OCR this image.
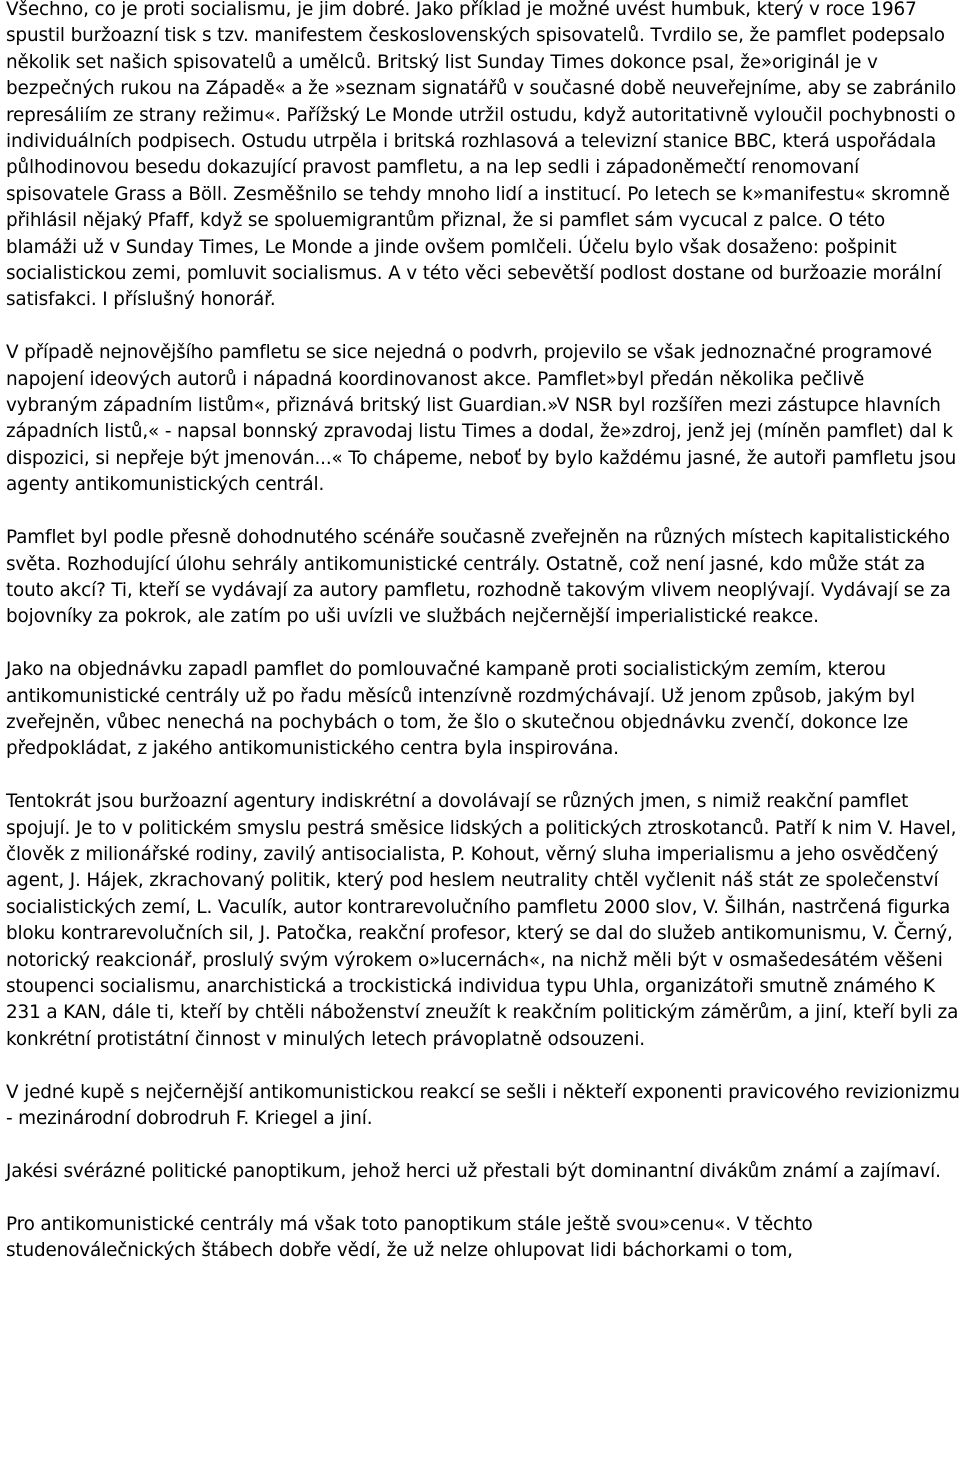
Všechno, co je proti socialismu, je jim dobré. Jako příklad je možné uvést humbuk, který v roce 1967 spustil buržoazní tisk s tzv. manifestem československých spisovatelů. Tvrdilo se, že pamflet podepsalo několik set našich spisovatelů a umělců. Britský list Sunday Times dokonce psal, že»originál je v bezpečných rukou na Západě« a že »seznam signatářů v současné době neuveřejníme, aby se zabránilo represáliím ze strany režimu«. Pařížský Le Monde utržil ostudu, když autoritativně vyloučil pochybnosti o individuálních podpisech. Ostudu utrpěla i britská rozhlasová a televizní stanice BBC, která uspořádala půlhodinovou besedu dokazující pravost pamfletu, a na lep sedli i západoněmečtí renomovaní spisovatele Grass a Böll. Zesměšnilo se tehdy mnoho lidí a institucí. Po letech se k»manifestu« skromně přihlásil nějaký Pfaff, když se spoluemigrantům přiznal, že si pamflet sám vycucal z palce. O této blamáži už v Sunday Times, Le Monde a jinde ovšem pomlčeli. Účelu bylo však dosaženo: pošpinit socialistickou zemi, pomluvit socialismus. A v této věci sebevětší podlost dostane od buržoazie morální satisfakci. I příslušný honorář.

V případě nejnovějšího pamfletu se sice nejedná o podvrh, projevilo se však jednoznačné programové napojení ideových autorů i nápadná koordinovanost akce. Pamflet»byl předán několika pečlivě vybraným západním listům«, přiznává britský list Guardian.»V NSR byl rozšířen mezi zástupce hlavních západních listů,« - napsal bonnský zpravodaj listu Times a dodal, že»zdroj, jenž jej (míněn pamflet) dal k dispozici, si nepřeje být jmenován...« To chápeme, neboť by bylo každému jasné, že autoři pamfletu jsou agenty antikomunistických centrál.

Pamflet byl podle přesně dohodnutého scénáře současně zveřejněn na různých místech kapitalistického světa. Rozhodující úlohu sehrály antikomunistické centrály. Ostatně, což není jasné, kdo může stát za touto akcí? Ti, kteří se vydávají za autory pamfletu, rozhodně takovým vlivem neoplývají. Vydávají se za bojovníky za pokrok, ale zatím po uši uvízli ve službách nejčernější imperialistické reakce.

Jako na objednávku zapadl pamflet do pomlouvačné kampaně proti socialistickým zemím, kterou antikomunistické centrály už po řadu měsíců intenzívně rozdmýchávají. Už jenom způsob, jakým byl zveřejněn, vůbec nenechá na pochybách o tom, že šlo o skutečnou objednávku zvenčí, dokonce lze předpokládat, z jakého antikomunistického centra byla inspirována.

Tentokrát jsou buržoazní agentury indiskrétní a dovolávají se různých jmen, s nimiž reakční pamflet spojují. Je to v politickém smyslu pestrá směsice lidských a politických ztroskotanců. Patří k nim V. Havel, člověk z milionářské rodiny, zavilý antisocialista, P. Kohout, věrný sluha imperialismu a jeho osvědčený agent, J. Hájek, zkrachovaný politik, který pod heslem neutrality chtěl vyčlenit náš stát ze společenství socialistických zemí, L. Vaculík, autor kontrarevolučního pamfletu 2000 slov, V. Šilhán, nastrčená figurka bloku kontrarevolučních sil, J. Patočka, reakční profesor, který se dal do služeb antikomunismu, V. Černý, notorický reakcionář, proslulý svým výrokem o»lucernách«, na nichž měli být v osmašedesátém věšeni stoupenci socialismu, anarchistická a trockistická individua typu Uhla, organizátoři smutně známého K 231 a KAN, dále ti, kteří by chtěli náboženství zneužít k reakčním politickým záměrům, a jiní, kteří byli za konkrétní protistátní činnost v minulých letech právoplatně odsouzeni.

V jedné kupě s nejčernější antikomunistickou reakcí se sešli i někteří exponenti pravicového revizionizmu - mezinárodní dobrodruh F. Kriegel a jiní.

Jakési svérázné politické panoptikum, jehož herci už přestali být dominantní divákům známí a zajímaví.

Pro antikomunistické centrály má však toto panoptikum stále ještě svou»cenu«. V těchto studenoválečnických štábech dobře vědí, že už nelze ohlupovat lidi báchorkami o tom,
